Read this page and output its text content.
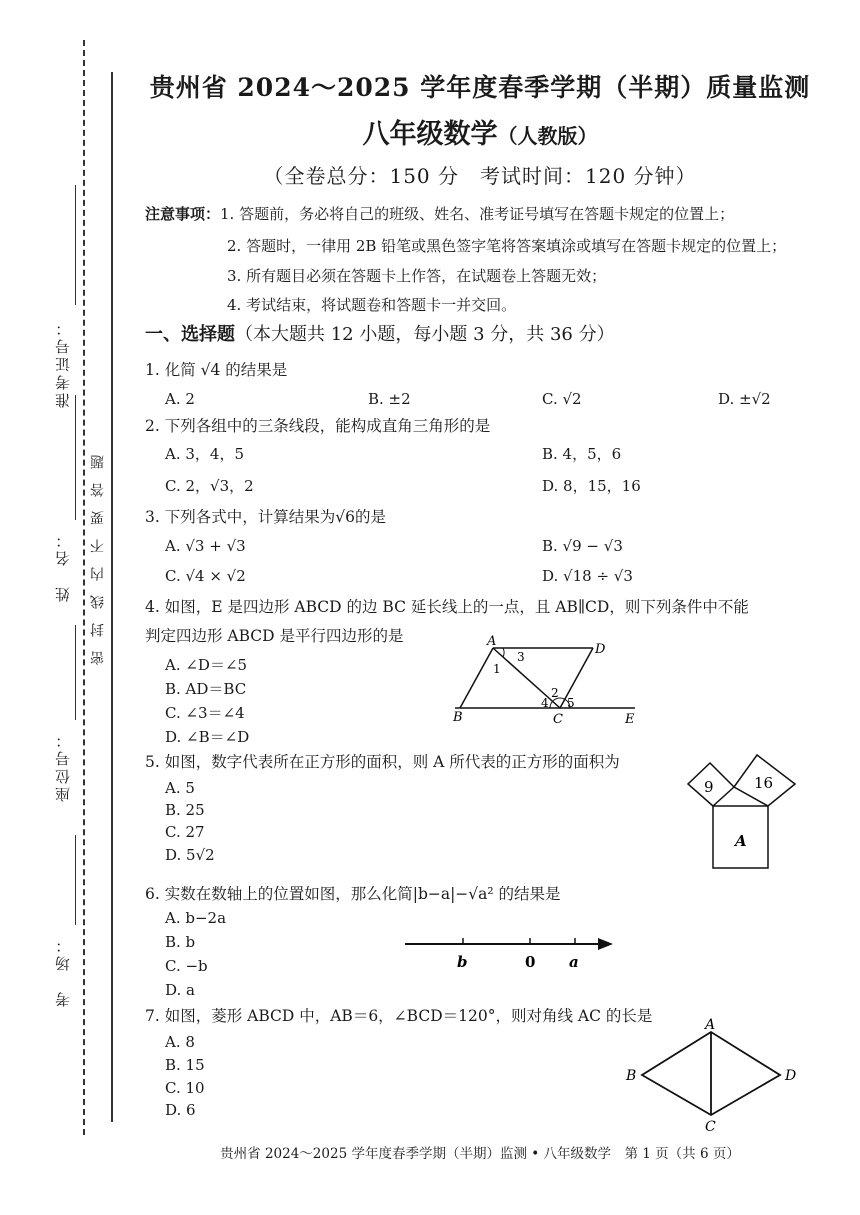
准考证号：
姓　名：
座位号：
考　场：
密　封　线　内　不　要　答　题
贵州省 2024～2025 学年度春季学期（半期）质量监测
八年级数学（人教版）
（全卷总分：150 分　考试时间：120 分钟）
注意事项：1. 答题前，务必将自己的班级、姓名、准考证号填写在答题卡规定的位置上；
2. 答题时，一律用 2B 铅笔或黑色签字笔将答案填涂或填写在答题卡规定的位置上；
3. 所有题目必须在答题卡上作答，在试题卷上答题无效；
4. 考试结束，将试题卷和答题卡一并交回。
一、选择题（本大题共 12 小题，每小题 3 分，共 36 分）
1. 化简 √4 的结果是
A. 2	B. ±2	C. √2	D. ±√2
2. 下列各组中的三条线段，能构成直角三角形的是
A. 3，4，5	B. 4，5，6
C. 2，√3，2	D. 8，15，16
3. 下列各式中，计算结果为√6的是
A. √3 + √3	B. √9 − √3
C. √4 × √2	D. √18 ÷ √3
4. 如图，E 是四边形 ABCD 的边 BC 延长线上的一点，且 AB∥CD，则下列条件中不能
判定四边形 ABCD 是平行四边形的是
A. ∠D＝∠5
B. AD＝BC
C. ∠3＝∠4
D. ∠B＝∠D
A
D
B	C	E
1
3
2
4 5
5. 如图，数字代表所在正方形的面积，则 A 所代表的正方形的面积为
A. 5
B. 25
C. 27
D. 5√2
9	16
A
6. 实数在数轴上的位置如图，那么化简|b−a|−√a² 的结果是
A. b−2a
B. b
C. −b
D. a
b	0 a
7. 如图，菱形 ABCD 中，AB＝6，∠BCD＝120°，则对角线 AC 的长是
A. 8
B. 15
C. 10
D. 6
A
B
C
D
贵州省 2024～2025 学年度春季学期（半期）监测 • 八年级数学　第 1 页（共 6 页）
